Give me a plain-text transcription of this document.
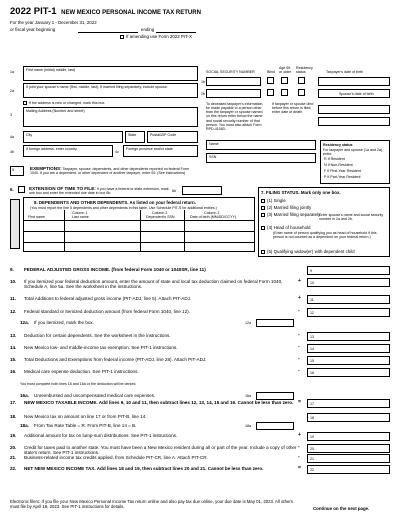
2022 PIT-1 NEW MEXICO PERSONAL INCOME TAX RETURN
For the year January 1 - December 31, 2022
or fiscal year beginning	ending
If amending use Form 2022 PIT-X
1a	First name (Initial) middle, last)
2a
If joint your spouse's name (first, middle, last). If married filing separately, include spouse.
SOCIAL SECURITY NUMBER	Blind
Age 65 or older
Residency status	Taxpayer's date of birth
1b
2b	Spouse's date of birth
3
If the address is new or changed, mark this box.
Mailing Address (Number and street)
4a	City	State	Postal/ZIP Code
4b
If foreign address, enter country
4c
Foreign province and/or state
To deceased taxpayer's information, be made payable to a person other than the taxpayer or spouse named on this return enter below the name and social security number of that person. You must also attach Form RPD-41083.
If taxpayer or spouse died before this return is filed, enter date of death
Name
SSN
Residency status
For taxpayer and spouse (1a and 2a), enter:
R If Resident
N If Non-Resident
F If First-Year Resident
P If Part-Year Resident
5	EXEMPTIONS: Taxpayer, spouse, dependents, and other dependents reported on federal Form 1040. If you are a dependent, or other dependent of another taxpayer, enter 00. (See instructions)
6.	EXTENSION OF TIME TO FILE: If you have a federal or state extension, mark one box and enter the extended due date in box 6b.
6b
8. DEPENDENTS AND OTHER DEPENDENTS. As listed on your federal return.
(You must report the line 5 dependents and other dependents in this table. Use Schedule PIT-S for additional entries.)
Column 1
Last name
First name
Column 2
Dependent's SSN
Column 3
Date of birth (MM/DD/CCYY)
7. FILING STATUS. Mark only one box.
(1) Single
(2) Married filing jointly
(3) Married filing separately
Enter spouse's name and social security number in 2a and 2b.
(4) Head of household
(Enter name of person qualifying you as head of household if this person is not counted as a dependent on your federal return.)
(5) Qualifying widow(er) with dependent child
9. FEDERAL ADJUSTED GROSS INCOME. (from federal Form 1040 or 1040SR, line 11)	9
10. If you itemized your federal deduction amount, enter the amount of state and local tax deduction claimed on federal Form 1040, Schedule A, line 5a. See the worksheet in the instructions.
+	10
11. Total Additions to federal adjusted gross income (PIT-ADJ, line 5). Attach PIT-ADJ.	+	11
12. Federal standard or itemized deduction amount (from federal Form 1040, line 12).	-	12
12a. If you itemized, mark the box.	12a
13. Deduction for certain dependents. See the worksheet in the instructions.	-	13
14. New Mexico low- and middle-income tax exemption. See PIT-1 instructions.	-	14
15. Total Deductions and Exemptions from federal income (PIT-ADJ, line 28). Attach PIT-ADJ.	-	15
16. Medical care expense deduction. See PIT-1 instructions.	-	16
You must complete both lines 16 and 16a or the deduction will be denied.
16a. Unreimbursed and uncompensated medical care expenses.	16a
17. NEW MEXICO TAXABLE INCOME. Add lines 9, 10 and 11, then subtract lines 12, 13, 14, 15 and 16. Cannot be less than zero. =	17
18. New Mexico tax on amount on line 17 or from PIT-B, line 14.	18
18a. From Tax Rate Table = R. From PIT-B, line 14 = B.	18a
19. Additional amount for tax on lump-sum distributions. See PIT-1 instructions.	+	19
20. Credit for taxes paid to another state. You must have been a New Mexico resident during all or part of the year. Include a copy of other state's return. See PIT-1 instructions.
-	20
21. Business-related income tax credits applied, from Schedule PIT-CR, line A. Attach PIT-CR.	-	21
22. NET NEW MEXICO INCOME TAX. Add lines 18 and 19, then subtract lines 20 and 21. Cannot be less than zero.	=	22
Electronic filers: If you file your New Mexico Personal Income Tax return online and also pay tax due online, your due date is May 01, 2023. All others must file by April 18, 2023. See PIT-1 instructions for details.	Continue on the next page.
